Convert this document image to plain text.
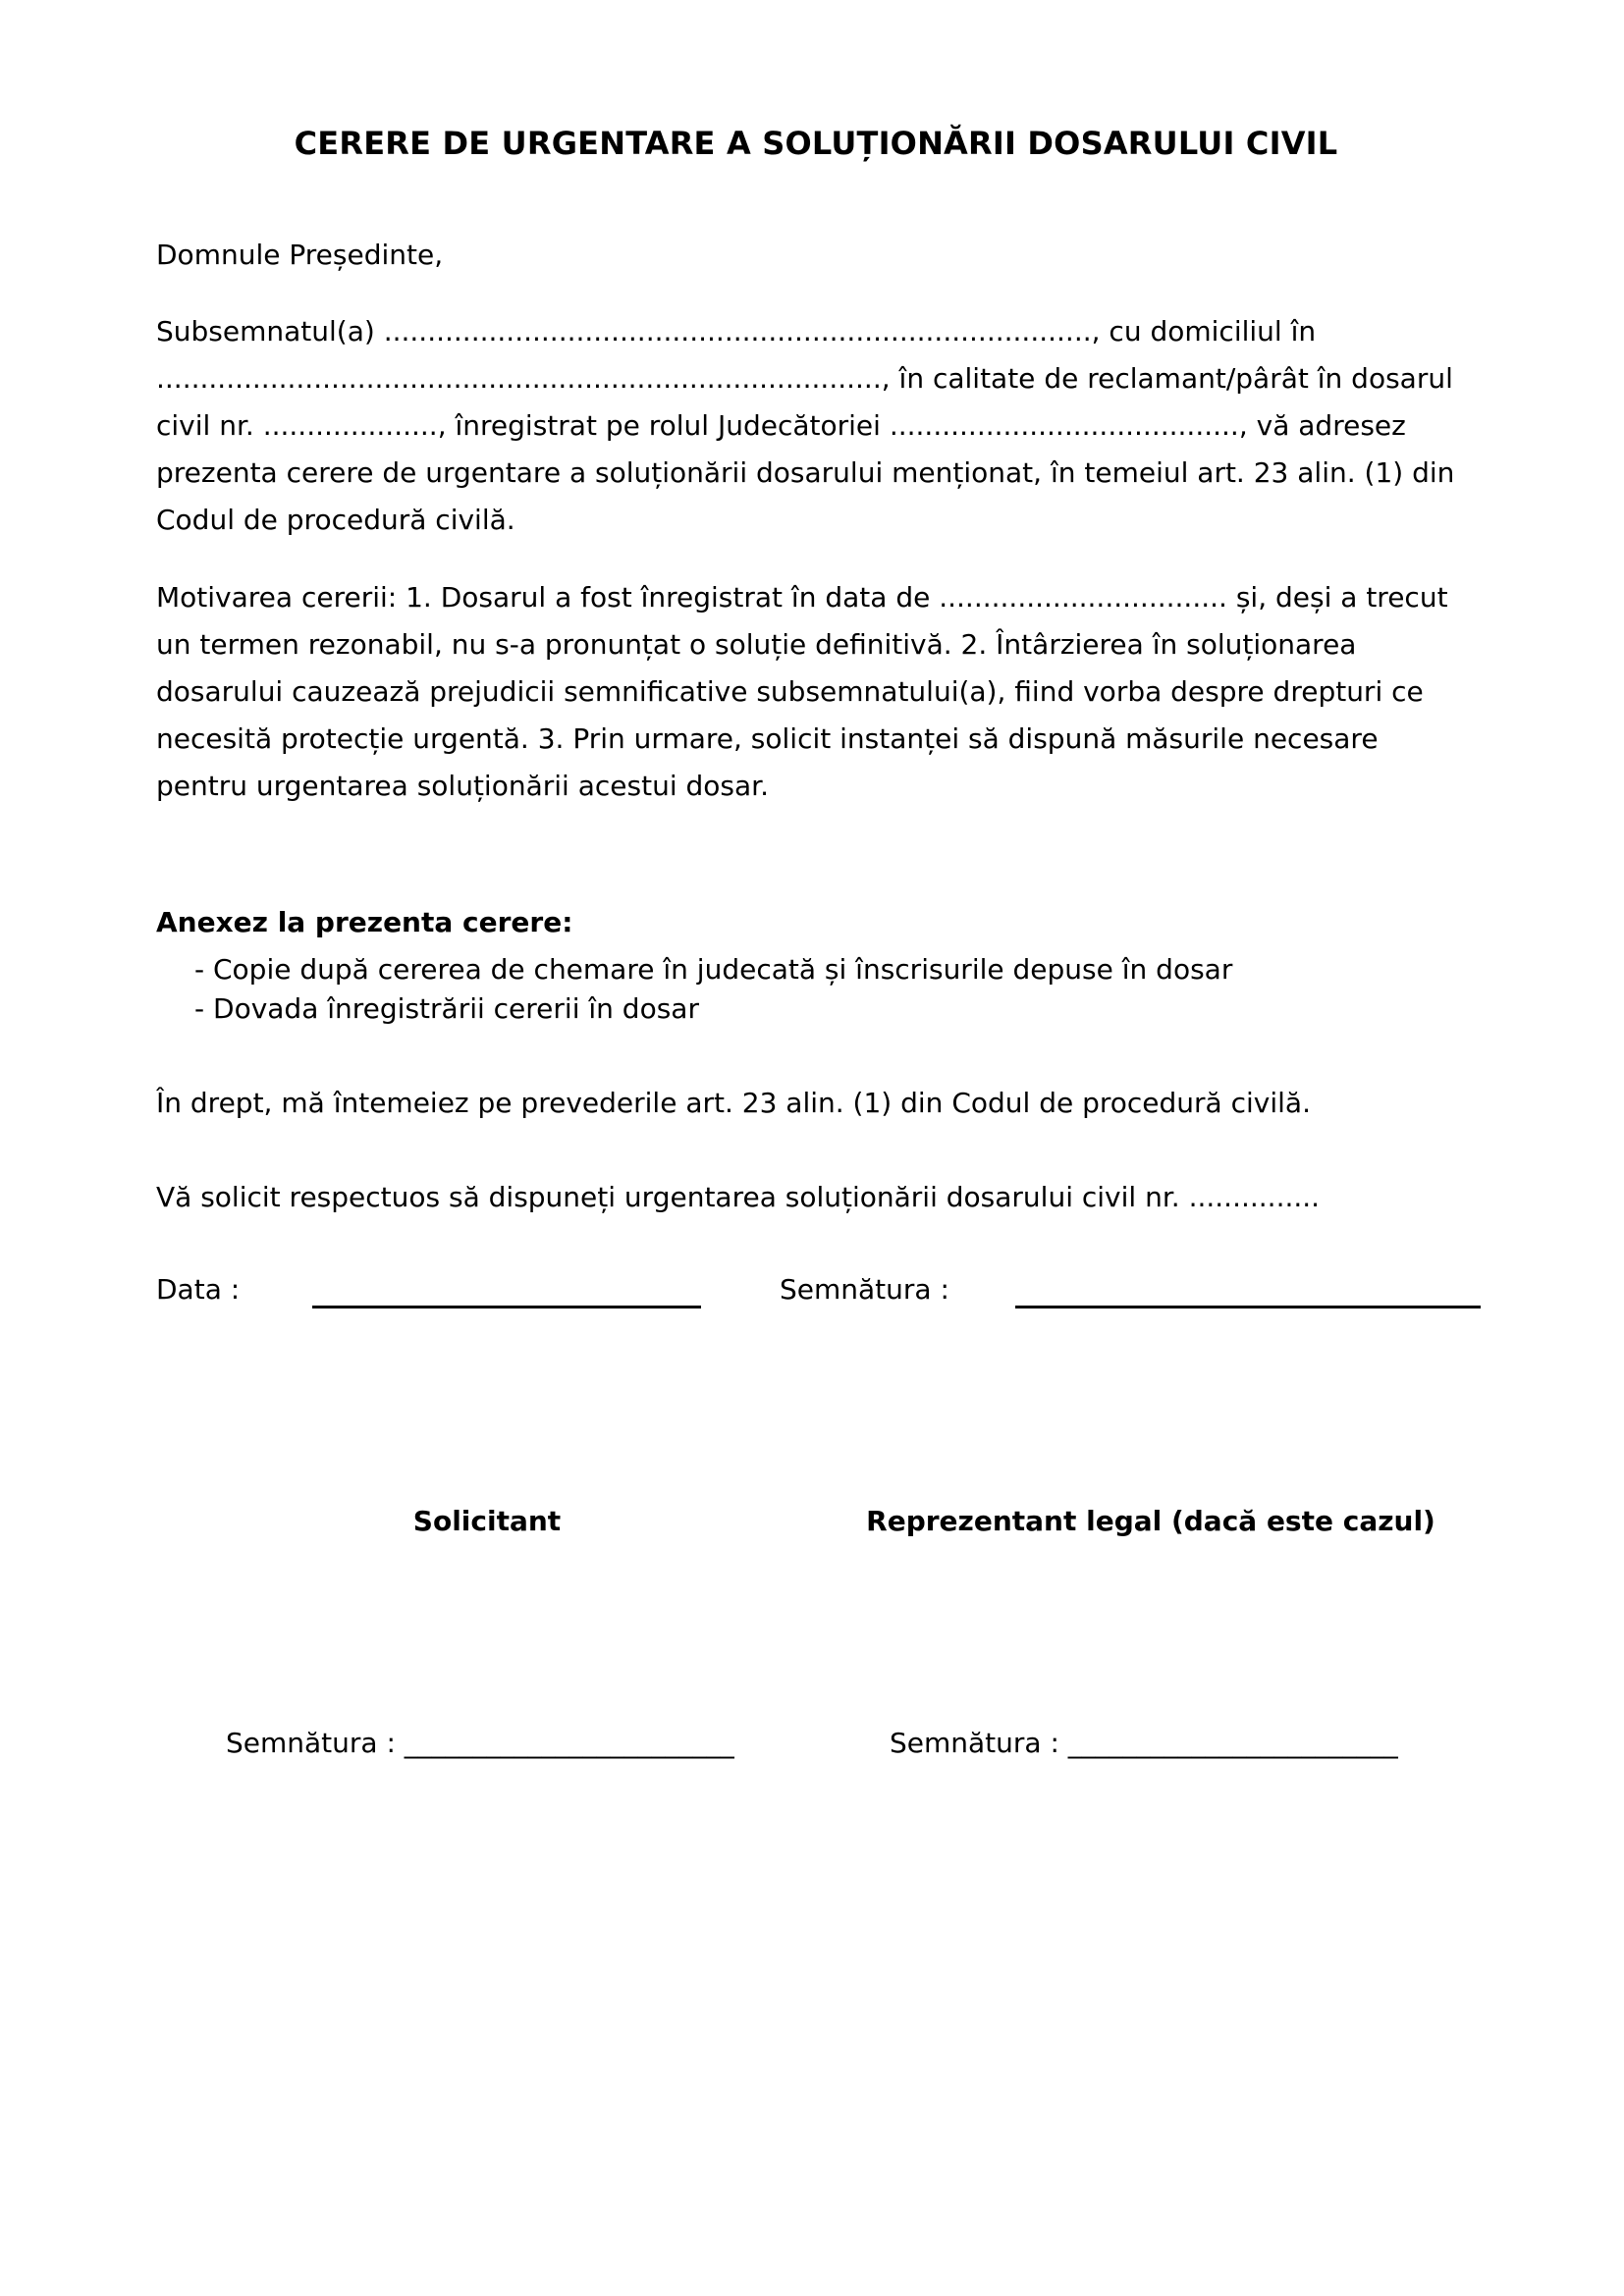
CERERE DE URGENTARE A SOLUȚIONĂRII DOSARULUI CIVIL
Domnule Președinte,
Subsemnatul(a) ................................................................................., cu domiciliul în ..................................................................................., în calitate de reclamant/pârât în dosarul civil nr. ...................., înregistrat pe rolul Judecătoriei ........................................, vă adresez prezenta cerere de urgentare a soluționării dosarului menționat, în temeiul art. 23 alin. (1) din Codul de procedură civilă.
Motivarea cererii: 1. Dosarul a fost înregistrat în data de ................................. și, deși a trecut un termen rezonabil, nu s-a pronunțat o soluție definitivă. 2. Întârzierea în soluționarea dosarului cauzează prejudicii semnificative subsemnatului(a), fiind vorba despre drepturi ce necesită protecție urgentă. 3. Prin urmare, solicit instanței să dispună măsurile necesare pentru urgentarea soluționării acestui dosar.
Anexez la prezenta cerere:
- Copie după cererea de chemare în judecată și înscrisurile depuse în dosar
- Dovada înregistrării cererii în dosar
În drept, mă întemeiez pe prevederile art. 23 alin. (1) din Codul de procedură civilă.
Vă solicit respectuos să dispuneți urgentarea soluționării dosarului civil nr. ...............
Data :	Semnătura :
Solicitant	Reprezentant legal (dacă este cazul)
Semnătura : ________________________	Semnătura : ________________________
